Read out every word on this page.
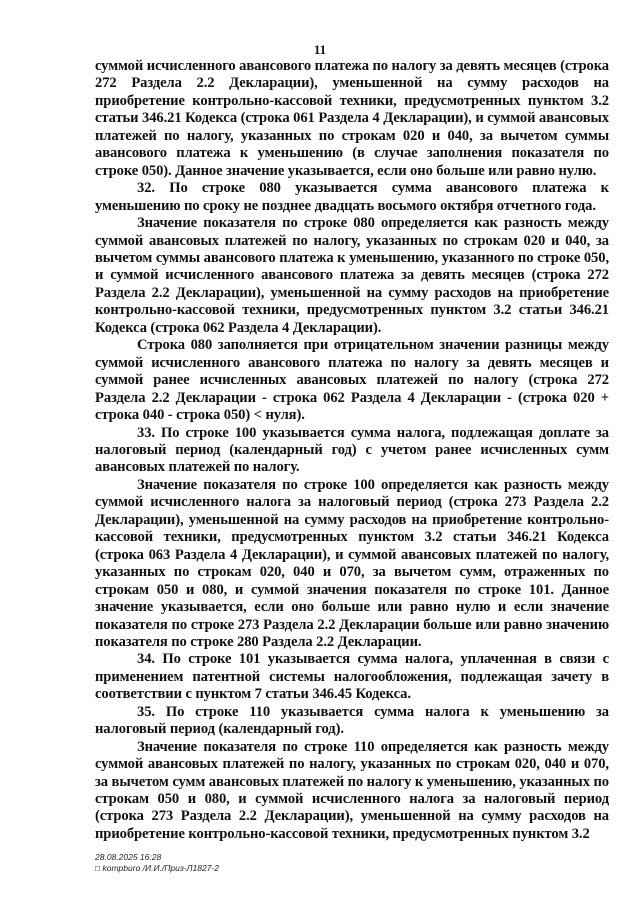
11

суммой исчисленного авансового платежа по налогу за девять месяцев (строка 272 Раздела 2.2 Декларации), уменьшенной на сумму расходов на приобретение контрольно-кассовой техники, предусмотренных пунктом 3.2 статьи 346.21 Кодекса (строка 061 Раздела 4 Декларации), и суммой авансовых платежей по налогу, указанных по строкам 020 и 040, за вычетом суммы авансового платежа к уменьшению (в случае заполнения показателя по строке 050). Данное значение указывается, если оно больше или равно нулю.

32. По строке 080 указывается сумма авансового платежа к уменьшению по сроку не позднее двадцать восьмого октября отчетного года.

Значение показателя по строке 080 определяется как разность между суммой авансовых платежей по налогу, указанных по строкам 020 и 040, за вычетом суммы авансового платежа к уменьшению, указанного по строке 050, и суммой исчисленного авансового платежа за девять месяцев (строка 272 Раздела 2.2 Декларации), уменьшенной на сумму расходов на приобретение контрольно-кассовой техники, предусмотренных пунктом 3.2 статьи 346.21 Кодекса (строка 062 Раздела 4 Декларации).

Строка 080 заполняется при отрицательном значении разницы между суммой исчисленного авансового платежа по налогу за девять месяцев и суммой ранее исчисленных авансовых платежей по налогу (строка 272 Раздела 2.2 Декларации - строка 062 Раздела 4 Декларации - (строка 020 + строка 040 - строка 050) < нуля).

33. По строке 100 указывается сумма налога, подлежащая доплате за налоговый период (календарный год) с учетом ранее исчисленных сумм авансовых платежей по налогу.

Значение показателя по строке 100 определяется как разность между суммой исчисленного налога за налоговый период (строка 273 Раздела 2.2 Декларации), уменьшенной на сумму расходов на приобретение контрольно-кассовой техники, предусмотренных пунктом 3.2 статьи 346.21 Кодекса (строка 063 Раздела 4 Декларации), и суммой авансовых платежей по налогу, указанных по строкам 020, 040 и 070, за вычетом сумм, отраженных по строкам 050 и 080, и суммой значения показателя по строке 101. Данное значение указывается, если оно больше или равно нулю и если значение показателя по строке 273 Раздела 2.2 Декларации больше или равно значению показателя по строке 280 Раздела 2.2 Декларации.

34. По строке 101 указывается сумма налога, уплаченная в связи с применением патентной системы налогообложения, подлежащая зачету в соответствии с пунктом 7 статьи 346.45 Кодекса.

35. По строке 110 указывается сумма налога к уменьшению за налоговый период (календарный год).

Значение показателя по строке 110 определяется как разность между суммой авансовых платежей по налогу, указанных по строкам 020, 040 и 070, за вычетом сумм авансовых платежей по налогу к уменьшению, указанных по строкам 050 и 080, и суммой исчисленного налога за налоговый период (строка 273 Раздела 2.2 Декларации), уменьшенной на сумму расходов на приобретение контрольно-кассовой техники, предусмотренных пунктом 3.2

28.08.2025 16:28
□ kompburo /И.И./Приз-Л1827-2
